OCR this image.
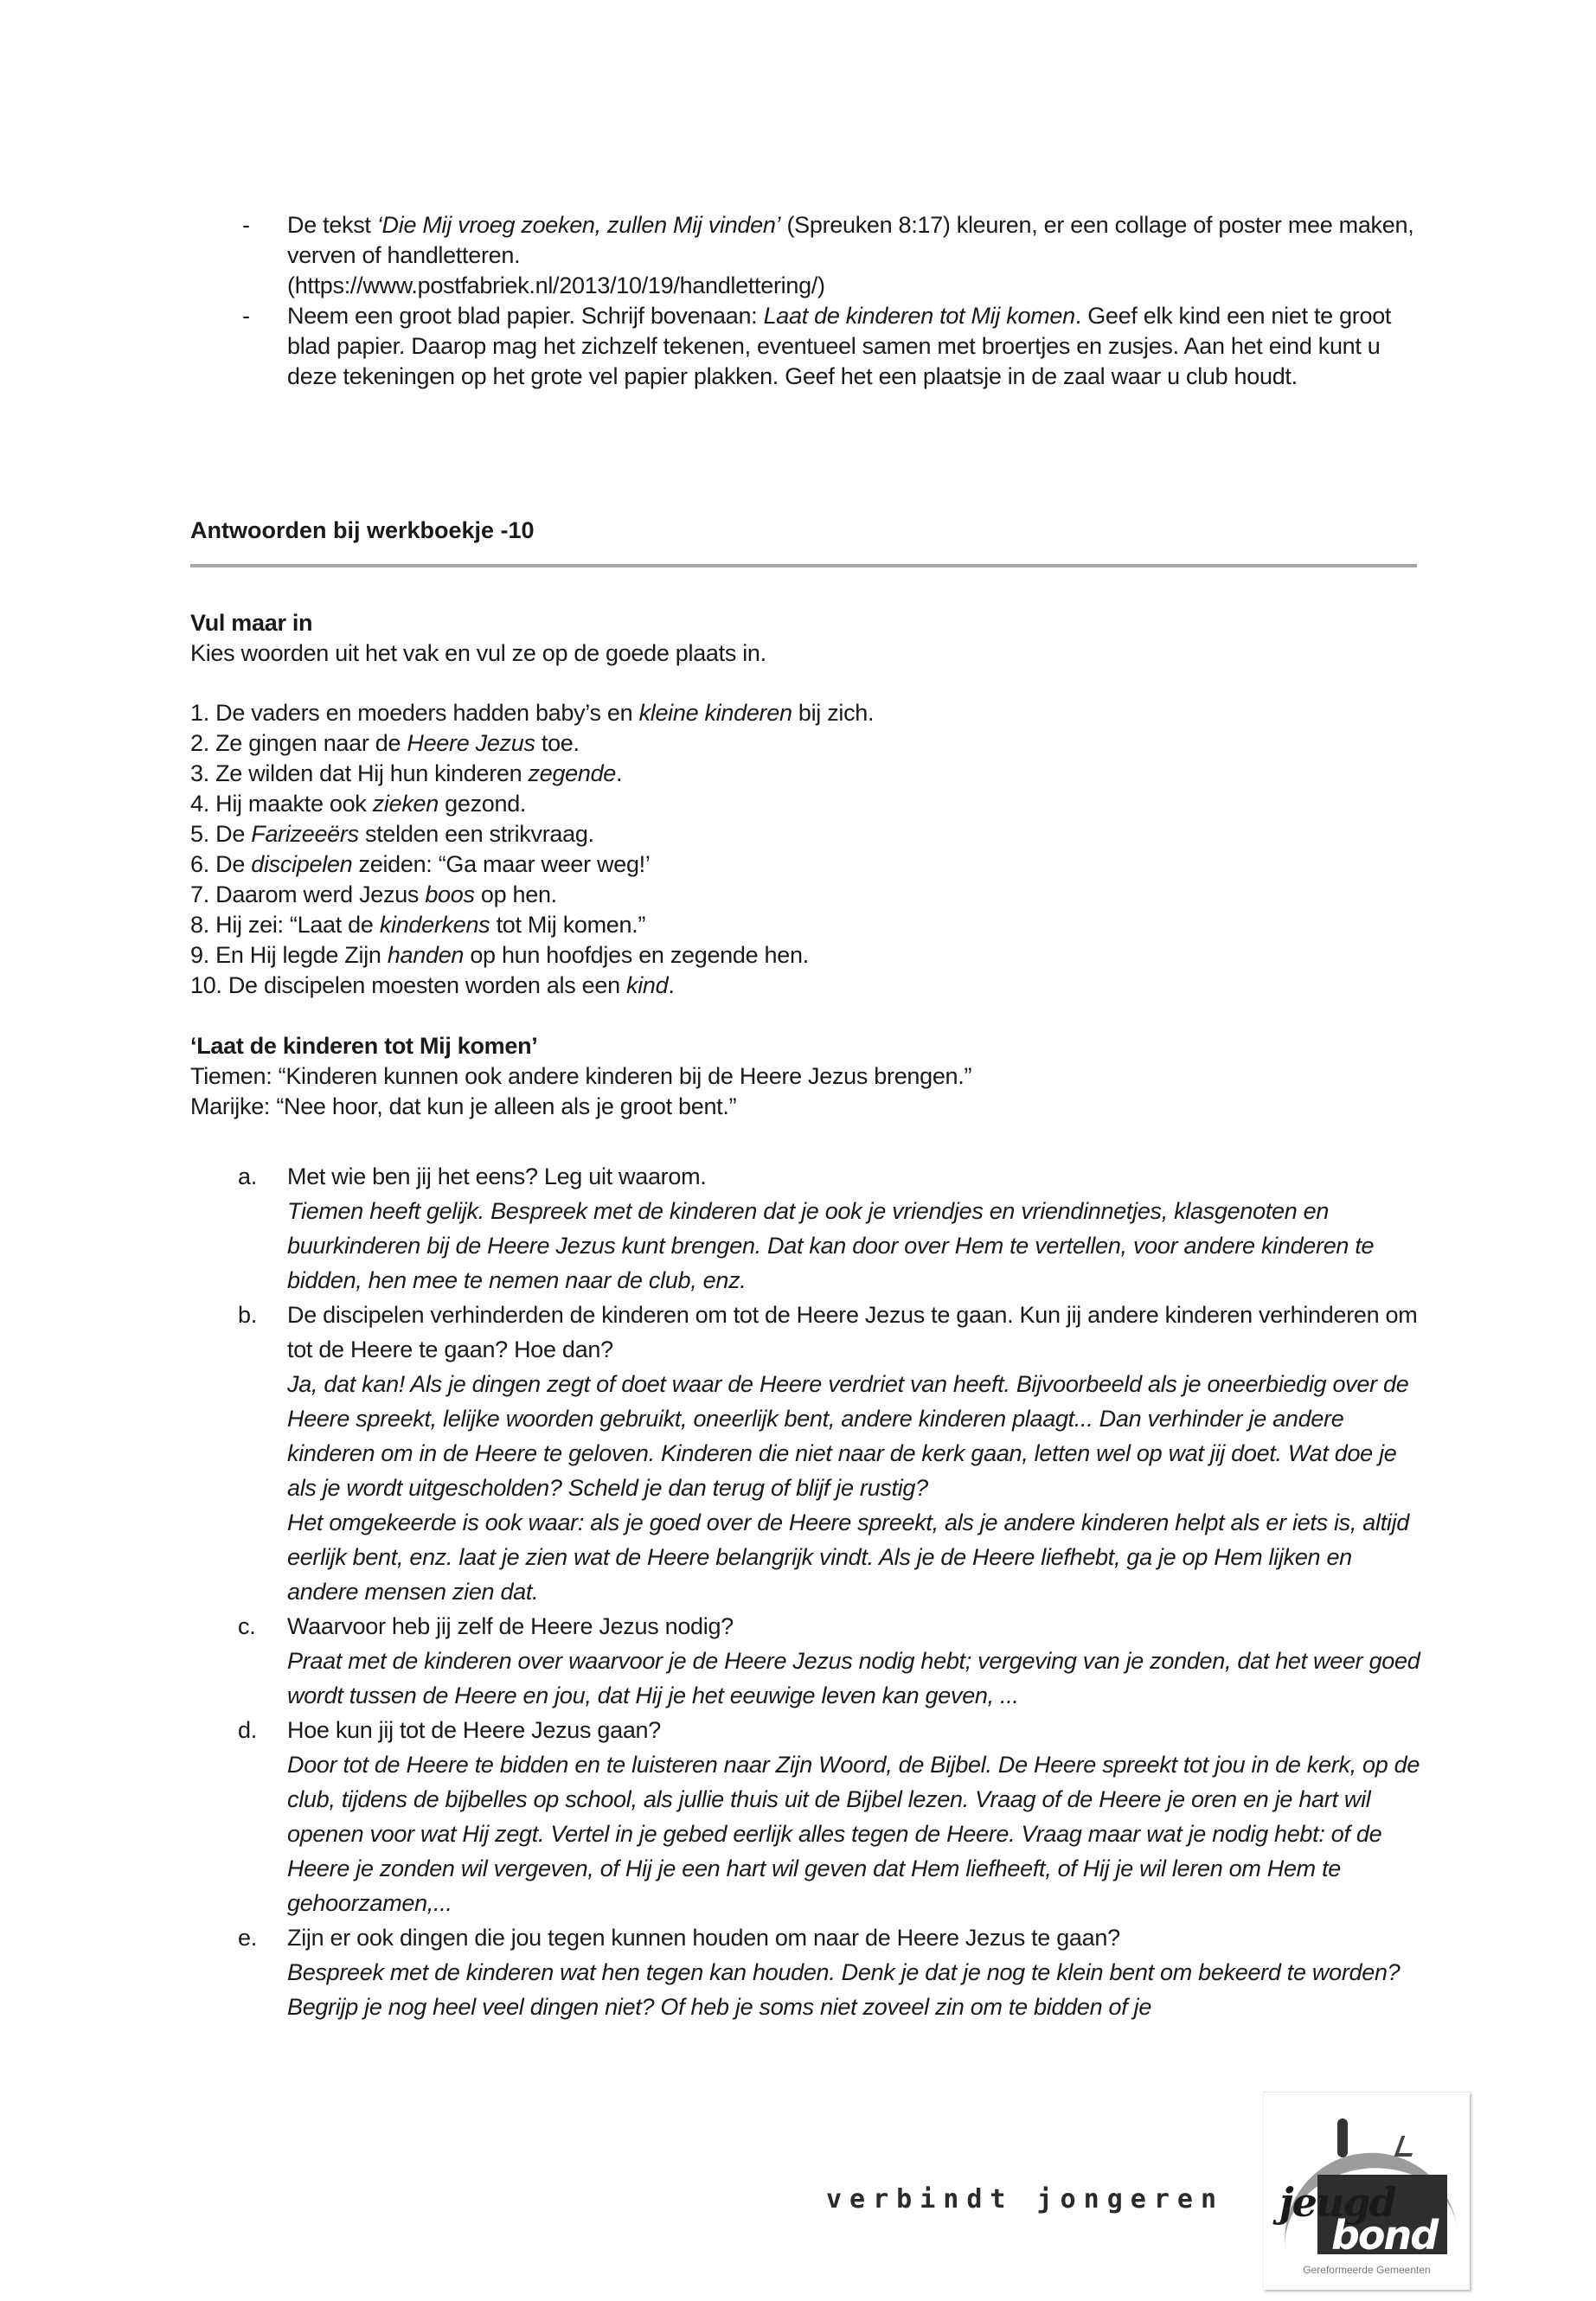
-	De tekst ‘Die Mij vroeg zoeken, zullen Mij vinden’ (Spreuken 8:17) kleuren, er een collage of poster mee maken, verven of handletteren.
(https://www.postfabriek.nl/2013/10/19/handlettering/)
-	Neem een groot blad papier. Schrijf bovenaan: Laat de kinderen tot Mij komen. Geef elk kind een niet te groot blad papier. Daarop mag het zichzelf tekenen, eventueel samen met broertjes en zusjes. Aan het eind kunt u deze tekeningen op het grote vel papier plakken. Geef het een plaatsje in de zaal waar u club houdt.
Antwoorden bij werkboekje -10
Vul maar in
Kies woorden uit het vak en vul ze op de goede plaats in.
1. De vaders en moeders hadden baby’s en kleine kinderen bij zich.
2. Ze gingen naar de Heere Jezus toe.
3. Ze wilden dat Hij hun kinderen zegende.
4. Hij maakte ook zieken gezond.
5. De Farizeeërs stelden een strikvraag.
6. De discipelen zeiden: “Ga maar weer weg!’
7. Daarom werd Jezus boos op hen.
8. Hij zei: “Laat de kinderkens tot Mij komen.”
9. En Hij legde Zijn handen op hun hoofdjes en zegende hen.
10. De discipelen moesten worden als een kind.
‘Laat de kinderen tot Mij komen’
Tiemen: “Kinderen kunnen ook andere kinderen bij de Heere Jezus brengen.”
Marijke: “Nee hoor, dat kun je alleen als je groot bent.”
a.	Met wie ben jij het eens? Leg uit waarom.
Tiemen heeft gelijk. Bespreek met de kinderen dat je ook je vriendjes en vriendinnetjes, klasgenoten en buurkinderen bij de Heere Jezus kunt brengen. Dat kan door over Hem te vertellen, voor andere kinderen te bidden, hen mee te nemen naar de club, enz.
b.	De discipelen verhinderden de kinderen om tot de Heere Jezus te gaan. Kun jij andere kinderen verhinderen om tot de Heere te gaan? Hoe dan?
Ja, dat kan! Als je dingen zegt of doet waar de Heere verdriet van heeft. Bijvoorbeeld als je oneerbiedig over de Heere spreekt, lelijke woorden gebruikt, oneerlijk bent, andere kinderen plaagt... Dan verhinder je andere kinderen om in de Heere te geloven. Kinderen die niet naar de kerk gaan, letten wel op wat jij doet. Wat doe je als je wordt uitgescholden? Scheld je dan terug of blijf je rustig?
Het omgekeerde is ook waar: als je goed over de Heere spreekt, als je andere kinderen helpt als er iets is, altijd eerlijk bent, enz. laat je zien wat de Heere belangrijk vindt. Als je de Heere liefhebt, ga je op Hem lijken en andere mensen zien dat.
c.	Waarvoor heb jij zelf de Heere Jezus nodig?
Praat met de kinderen over waarvoor je de Heere Jezus nodig hebt; vergeving van je zonden, dat het weer goed wordt tussen de Heere en jou, dat Hij je het eeuwige leven kan geven, ...
d.	Hoe kun jij tot de Heere Jezus gaan?
Door tot de Heere te bidden en te luisteren naar Zijn Woord, de Bijbel. De Heere spreekt tot jou in de kerk, op de club, tijdens de bijbelles op school, als jullie thuis uit de Bijbel lezen. Vraag of de Heere je oren en je hart wil openen voor wat Hij zegt. Vertel in je gebed eerlijk alles tegen de Heere. Vraag maar wat je nodig hebt: of de Heere je zonden wil vergeven, of Hij je een hart wil geven dat Hem liefheeft, of Hij je wil leren om Hem te gehoorzamen,...
e.	Zijn er ook dingen die jou tegen kunnen houden om naar de Heere Jezus te gaan?
Bespreek met de kinderen wat hen tegen kan houden. Denk je dat je nog te klein bent om bekeerd te worden? Begrijp je nog heel veel dingen niet? Of heb je soms niet zoveel zin om te bidden of je
verbindt jongeren jeugd
bond
Gereformeerde Gemeenten
